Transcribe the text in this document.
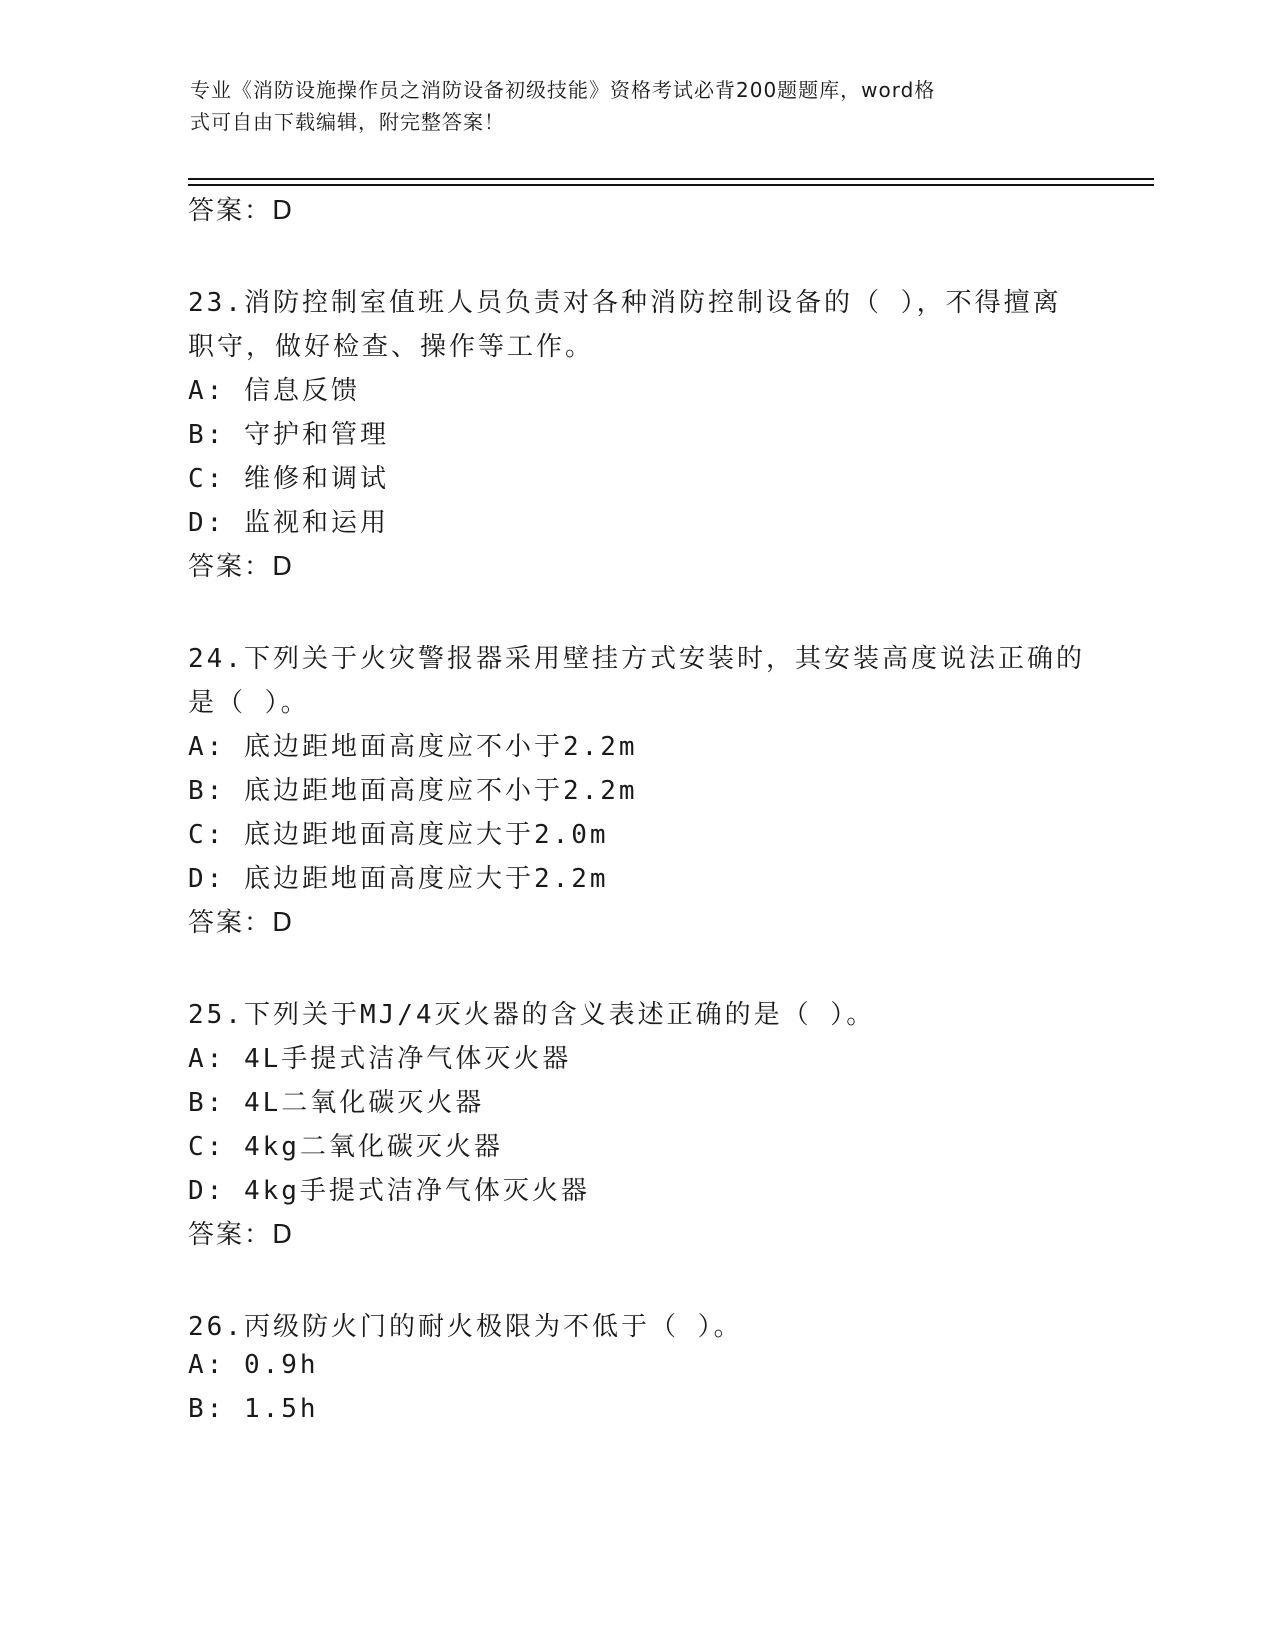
专业《消防设施操作员之消防设备初级技能》资格考试必背200题题库，word格
式可自由下载编辑，附完整答案！
答案：D
23.消防控制室值班人员负责对各种消防控制设备的（ ），不得擅离
职守，做好检查、操作等工作。
A: 信息反馈
B: 守护和管理
C: 维修和调试
D: 监视和运用
答案：D
24.下列关于火灾警报器采用壁挂方式安装时，其安装高度说法正确的
是（ ）。
A: 底边距地面高度应不小于2.2m
B: 底边距地面高度应不小于2.2m
C: 底边距地面高度应大于2.0m
D: 底边距地面高度应大于2.2m
答案：D
25.下列关于MJ/4灭火器的含义表述正确的是（ ）。
A: 4L手提式洁净气体灭火器
B: 4L二氧化碳灭火器
C: 4kg二氧化碳灭火器
D: 4kg手提式洁净气体灭火器
答案：D
26.丙级防火门的耐火极限为不低于（ ）。
A: 0.9h
B: 1.5h
